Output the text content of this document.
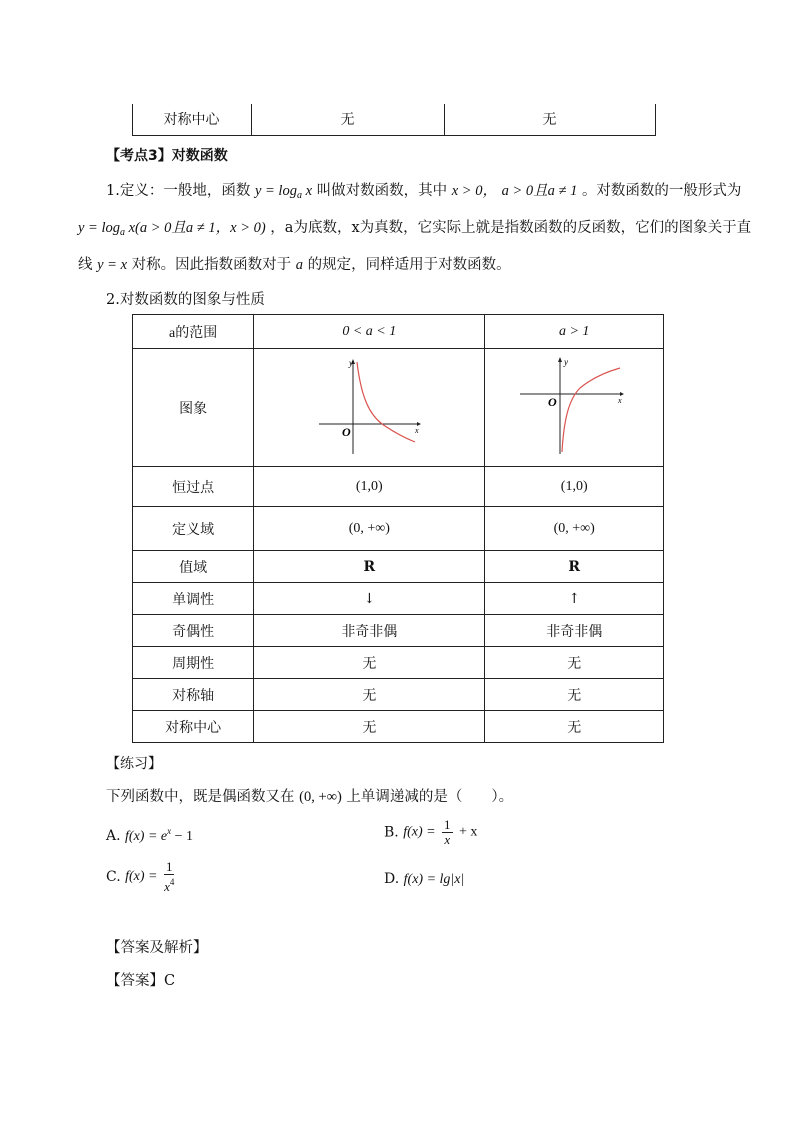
对称中心	无	无
【考点3】对数函数
1.定义：一般地，函数 $y = \log_a x$ 叫做对数函数，其中 x > 0， a > 0且a ≠ 1 。对数函数的一般形式为
$y = \log_a x(a > 0$且a ≠ 1，x > 0) ，a为底数，x为真数，它实际上就是指数函数的反函数，它们的图象关于直
线 y = x 对称。因此指数函数对于 a 的规定，同样适用于对数函数。
2.对数函数的图象与性质
a的范围	0 < a < 1	a > 1
图象	y
x
O	y
x
O

恒过点	(1,0)	(1,0)
定义域	(0, +∞)	(0, +∞)
值域	R	R
单调性	↓	↑
奇偶性	非奇非偶	非奇非偶
周期性	无	无
对称轴	无	无
对称中心	无	无
【练习】
下列函数中，既是偶函数又在 (0, +∞) 上单调递减的是（　　）。
A. $f(x) = e^x - 1$	B. $f(x) = \frac{1}{x} + x$
C. $f(x) = \frac{1}{x^4}$	D. f(x) = lg|x|
【答案及解析】
【答案】C
